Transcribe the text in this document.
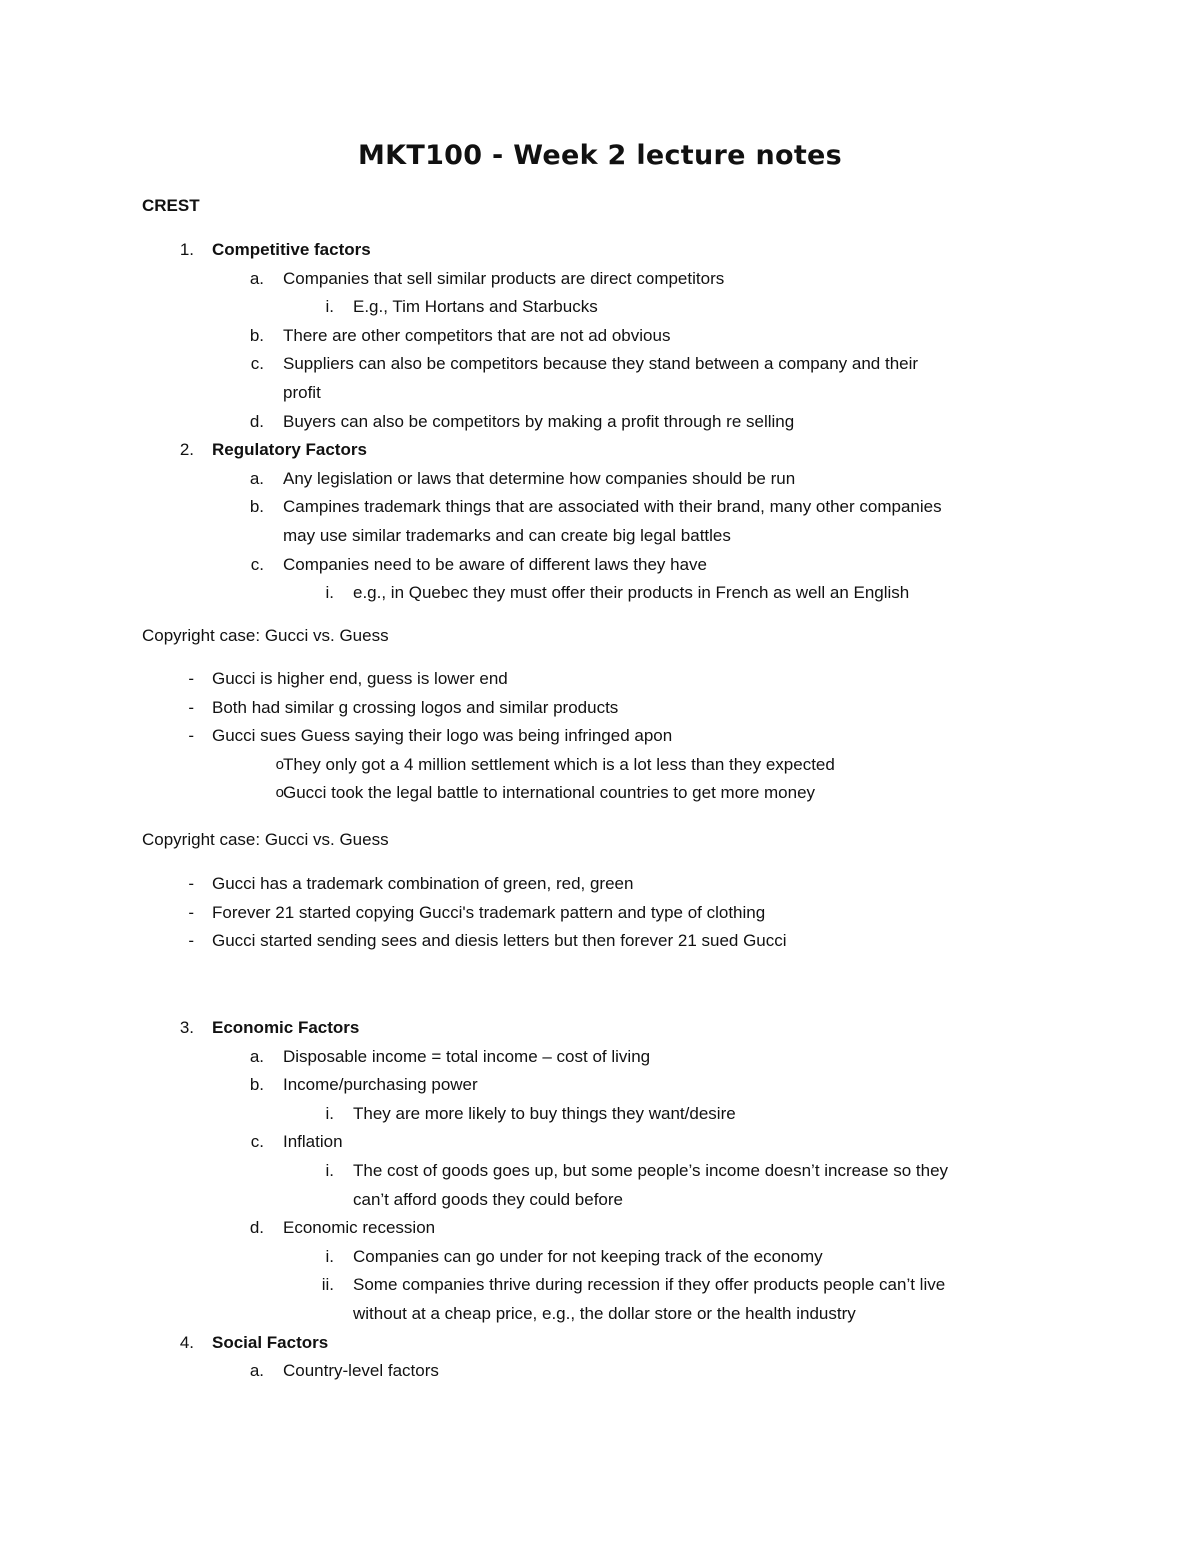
MKT100 - Week 2 lecture notes
CREST
1. Competitive factors
a. Companies that sell similar products are direct competitors
i. E.g., Tim Hortans and Starbucks
b. There are other competitors that are not ad obvious
c. Suppliers can also be competitors because they stand between a company and their
profit
d. Buyers can also be competitors by making a profit through re selling
2. Regulatory Factors
a. Any legislation or laws that determine how companies should be run
b. Campines trademark things that are associated with their brand, many other companies
may use similar trademarks and can create big legal battles
c. Companies need to be aware of different laws they have
i. e.g., in Quebec they must offer their products in French as well an English
Copyright case: Gucci vs. Guess
- Gucci is higher end, guess is lower end
- Both had similar g crossing logos and similar products
- Gucci sues Guess saying their logo was being infringed apon
o They only got a 4 million settlement which is a lot less than they expected
o Gucci took the legal battle to international countries to get more money
Copyright case: Gucci vs. Guess
- Gucci has a trademark combination of green, red, green
- Forever 21 started copying Gucci's trademark pattern and type of clothing
- Gucci started sending sees and diesis letters but then forever 21 sued Gucci
3. Economic Factors
a. Disposable income = total income – cost of living
b. Income/purchasing power
i. They are more likely to buy things they want/desire
c. Inflation
i. The cost of goods goes up, but some people’s income doesn’t increase so they
can’t afford goods they could before
d. Economic recession
i. Companies can go under for not keeping track of the economy
ii. Some companies thrive during recession if they offer products people can’t live
without at a cheap price, e.g., the dollar store or the health industry
4. Social Factors
a. Country-level factors
